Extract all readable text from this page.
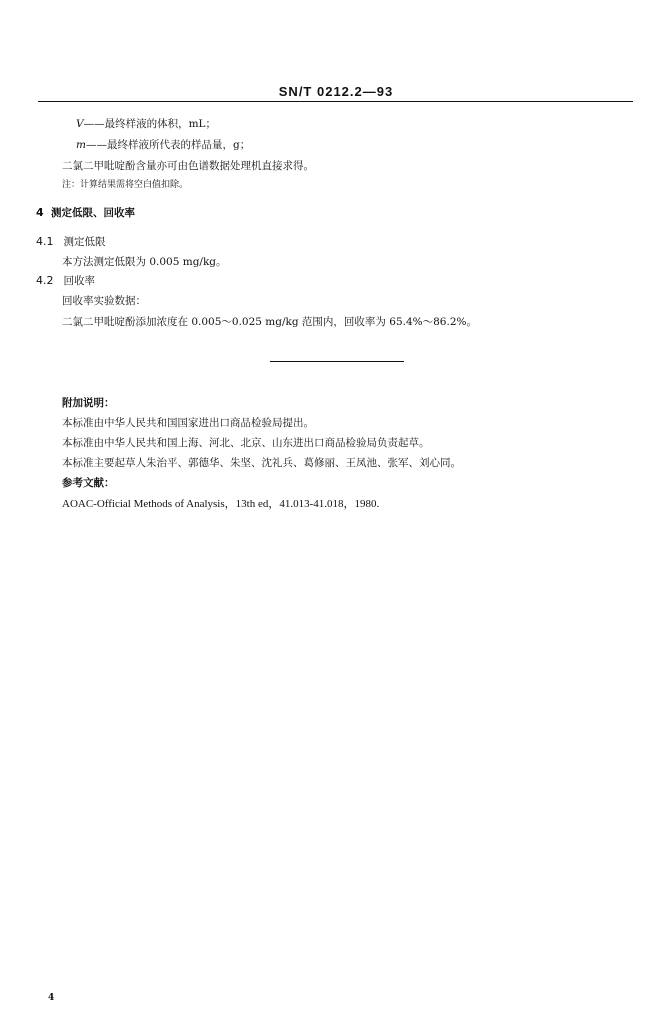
SN/T 0212.2—93
V——最终样液的体积，mL；
m——最终样液所代表的样品量，g；
二氯二甲吡啶酚含量亦可由色谱数据处理机直接求得。
注：计算结果需将空白值扣除。
4 测定低限、回收率
4.1 测定低限
本方法测定低限为 0.005 mg/kg。
4.2 回收率
回收率实验数据：
二氯二甲吡啶酚添加浓度在 0.005～0.025 mg/kg 范围内，回收率为 65.4%～86.2%。
附加说明：
本标准由中华人民共和国国家进出口商品检验局提出。
本标准由中华人民共和国上海、河北、北京、山东进出口商品检验局负责起草。
本标准主要起草人朱治平、郭德华、朱坚、沈礼兵、葛修丽、王凤池、张军、刘心同。
参考文献：
AOAC-Official Methods of Analysis，13th ed，41.013-41.018，1980.
4
